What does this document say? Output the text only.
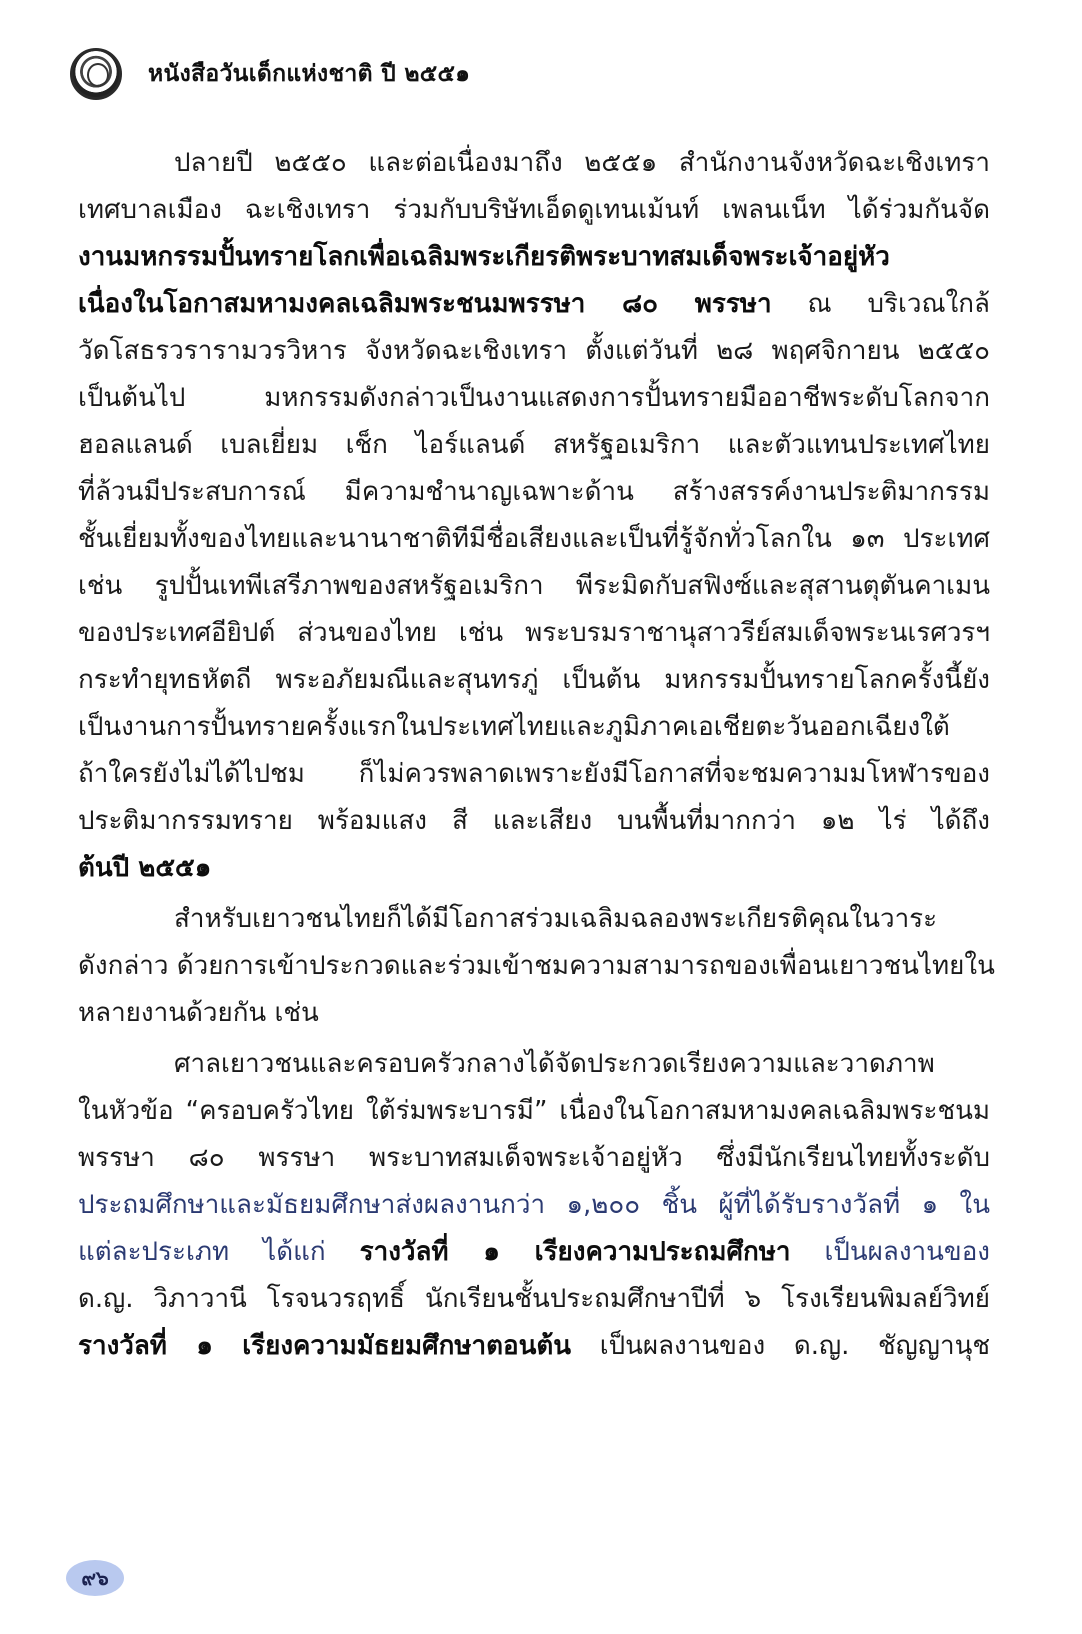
หนังสือวันเด็กแห่งชาติ ปี ๒๕๕๑
ปลายปี ๒๕๕๐ และต่อเนื่องมาถึง ๒๕๕๑ สำนักงานจังหวัดฉะเชิงเทรา
เทศบาลเมือง ฉะเชิงเทรา ร่วมกับบริษัทเอ็ดดูเทนเม้นท์ เพลนเน็ท ได้ร่วมกันจัด
งานมหกรรมปั้นทรายโลกเพื่อเฉลิมพระเกียรติพระบาทสมเด็จพระเจ้าอยู่หัว
เนื่องในโอกาสมหามงคลเฉลิมพระชนมพรรษา ๘๐ พรรษา ณ บริเวณใกล้
วัดโสธรวรารามวรวิหาร จังหวัดฉะเชิงเทรา ตั้งแต่วันที่ ๒๘ พฤศจิกายน ๒๕๕๐
เป็นต้นไป มหกรรมดังกล่าวเป็นงานแสดงการปั้นทรายมืออาชีพระดับโลกจาก
ฮอลแลนด์ เบลเยี่ยม เช็ก ไอร์แลนด์ สหรัฐอเมริกา และตัวแทนประเทศไทย
ที่ล้วนมีประสบการณ์ มีความชำนาญเฉพาะด้าน สร้างสรรค์งานประติมากรรม
ชั้นเยี่ยมทั้งของไทยและนานาชาติทีมีชื่อเสียงและเป็นที่รู้จักทั่วโลกใน ๑๓ ประเทศ
เช่น รูปปั้นเทพีเสรีภาพของสหรัฐอเมริกา พีระมิดกับสฟิงซ์และสุสานตุตันคาเมน
ของประเทศอียิปต์ ส่วนของไทย เช่น พระบรมราชานุสาวรีย์สมเด็จพระนเรศวรฯ
กระทำยุทธหัตถี พระอภัยมณีและสุนทรภู่ เป็นต้น มหกรรมปั้นทรายโลกครั้งนี้ยัง
เป็นงานการปั้นทรายครั้งแรกในประเทศไทยและภูมิภาคเอเชียตะวันออกเฉียงใต้
ถ้าใครยังไม่ได้ไปชม ก็ไม่ควรพลาดเพราะยังมีโอกาสที่จะชมความมโหฬารของ
ประติมากรรมทราย พร้อมแสง สี และเสียง บนพื้นที่มากกว่า ๑๒ ไร่ ได้ถึง
ต้นปี ๒๕๕๑
สำหรับเยาวชนไทยก็ได้มีโอกาสร่วมเฉลิมฉลองพระเกียรติคุณในวาระ
ดังกล่าว ด้วยการเข้าประกวดและร่วมเข้าชมความสามารถของเพื่อนเยาวชนไทยใน
หลายงานด้วยกัน เช่น
ศาลเยาวชนและครอบครัวกลางได้จัดประกวดเรียงความและวาดภาพ
ในหัวข้อ “ครอบครัวไทย ใต้ร่มพระบารมี” เนื่องในโอกาสมหามงคลเฉลิมพระชนม
พรรษา ๘๐ พรรษา พระบาทสมเด็จพระเจ้าอยู่หัว ซึ่งมีนักเรียนไทยทั้งระดับ
ประถมศึกษาและมัธยมศึกษาส่งผลงานกว่า ๑,๒๐๐ ชิ้น ผู้ที่ได้รับรางวัลที่ ๑ ใน
แต่ละประเภท ได้แก่ รางวัลที่ ๑ เรียงความประถมศึกษา เป็นผลงานของ
ด.ญ. วิภาวานี โรจนวรฤทธิ์ นักเรียนชั้นประถมศึกษาปีที่ ๖ โรงเรียนพิมลย์วิทย์
รางวัลที่ ๑ เรียงความมัธยมศึกษาตอนต้น เป็นผลงานของ ด.ญ. ชัญญานุช
๙๖
